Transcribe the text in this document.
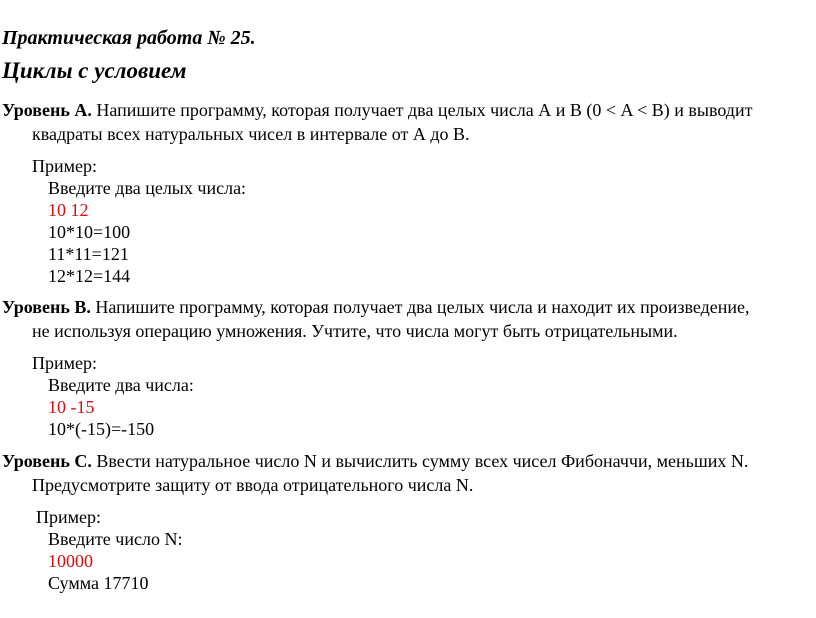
Практическая работа № 25.
Циклы с условием
Уровень А. Напишите программу, которая получает два целых числа А и В (0 < A < B) и выводит
квадраты всех натуральных чисел в интервале от А до В.
Пример:
Введите два целых числа:
10 12
10*10=100
11*11=121
12*12=144
Уровень В. Напишите программу, которая получает два целых числа и находит их произведение,
не используя операцию умножения. Учтите, что числа могут быть отрицательными.
Пример:
Введите два числа:
10 -15
10*(-15)=-150
Уровень С. Ввести натуральное число N и вычислить сумму всех чисел Фибоначчи, меньших N.
Предусмотрите защиту от ввода отрицательного числа N.
Пример:
Введите число N:
10000
Сумма 17710
